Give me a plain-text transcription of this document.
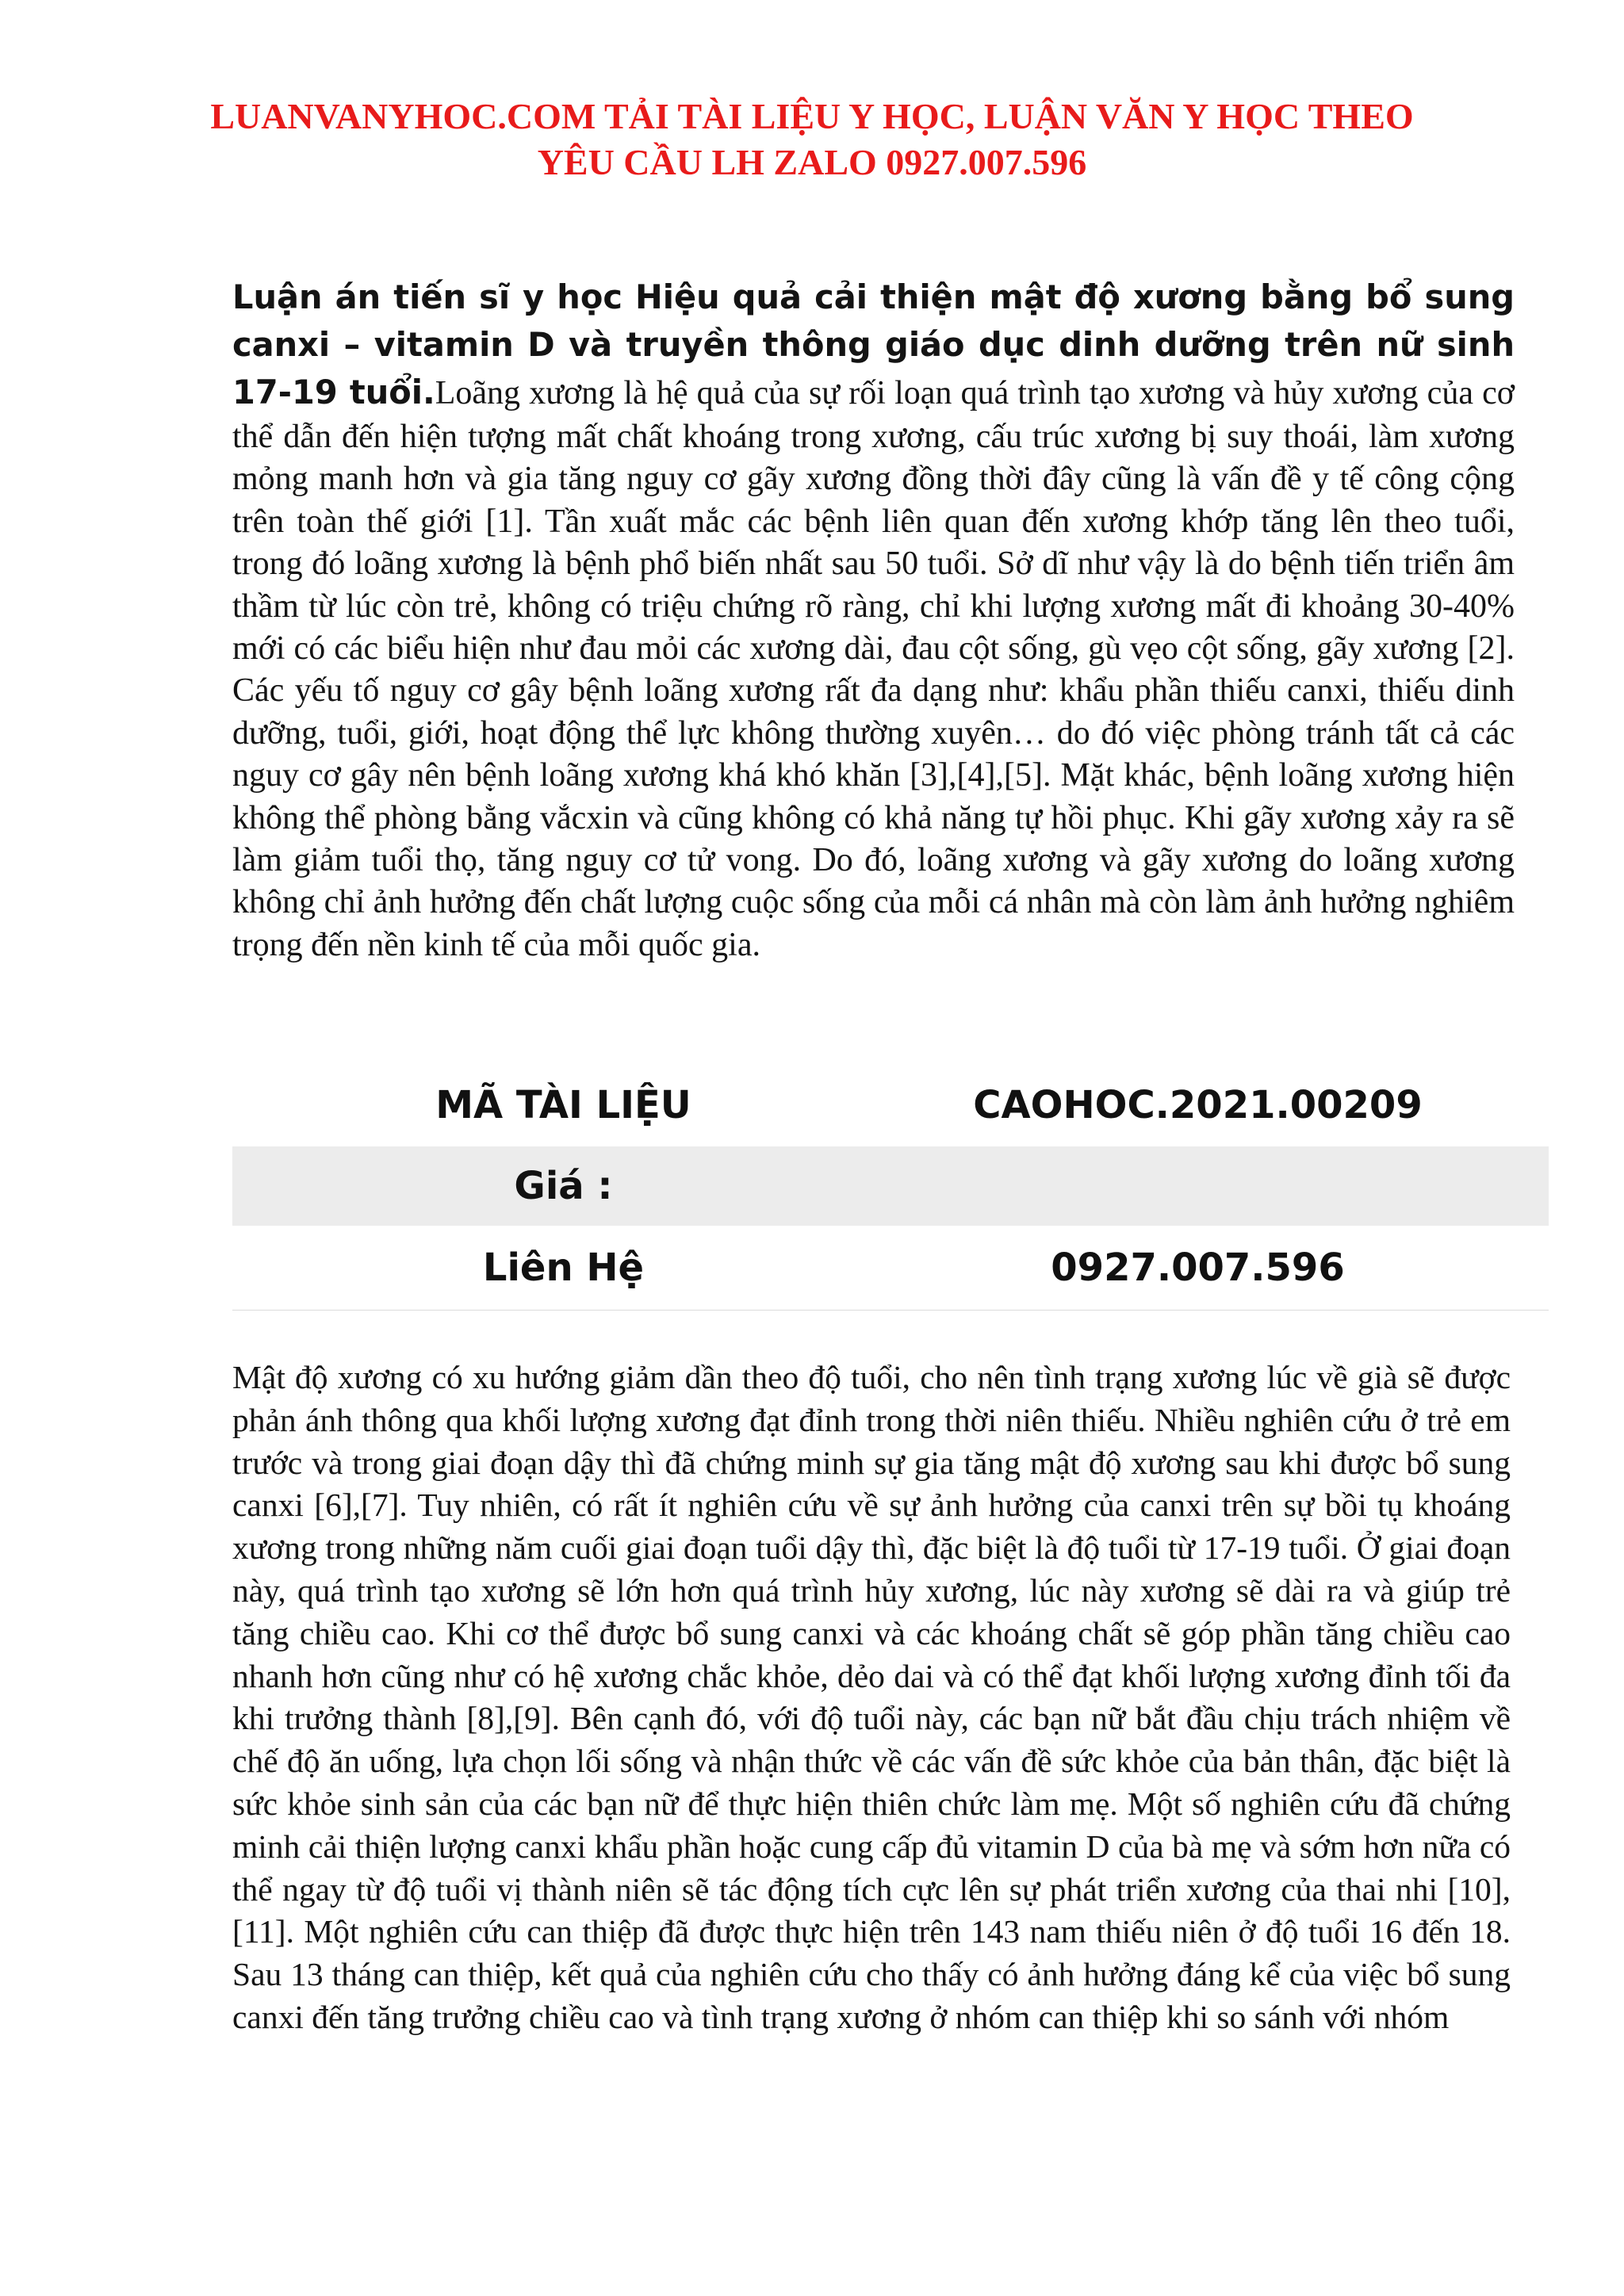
LUANVANYHOC.COM TẢI TÀI LIỆU Y HỌC, LUẬN VĂN Y HỌC THEO
YÊU CẦU LH ZALO 0927.007.596
Luận án tiến sĩ y học Hiệu quả cải thiện mật độ xương bằng bổ sung canxi – vitamin D và truyền thông giáo dục dinh dưỡng trên nữ sinh 17-19 tuổi.Loãng xương là hệ quả của sự rối loạn quá trình tạo xương và hủy xương của cơ thể dẫn đến hiện tượng mất chất khoáng trong xương, cấu trúc xương bị suy thoái, làm xương mỏng manh hơn và gia tăng nguy cơ gãy xương đồng thời đây cũng là vấn đề y tế công cộng trên toàn thế giới [1]. Tần xuất mắc các bệnh liên quan đến xương khớp tăng lên theo tuổi, trong đó loãng xương là bệnh phổ biến nhất sau 50 tuổi. Sở dĩ như vậy là do bệnh tiến triển âm thầm từ lúc còn trẻ, không có triệu chứng rõ ràng, chỉ khi lượng xương mất đi khoảng 30-40% mới có các biểu hiện như đau mỏi các xương dài, đau cột sống, gù vẹo cột sống, gãy xương [2]. Các yếu tố nguy cơ gây bệnh loãng xương rất đa dạng như: khẩu phần thiếu canxi, thiếu dinh dưỡng, tuổi, giới, hoạt động thể lực không thường xuyên… do đó việc phòng tránh tất cả các nguy cơ gây nên bệnh loãng xương khá khó khăn [3],[4],[5]. Mặt khác, bệnh loãng xương hiện không thể phòng bằng vắcxin và cũng không có khả năng tự hồi phục. Khi gãy xương xảy ra sẽ làm giảm tuổi thọ, tăng nguy cơ tử vong. Do đó, loãng xương và gãy xương do loãng xương không chỉ ảnh hưởng đến chất lượng cuộc sống của mỗi cá nhân mà còn làm ảnh hưởng nghiêm trọng đến nền kinh tế của mỗi quốc gia.
MÃ TÀI LIỆU	CAOHOC.2021.00209
Giá :	
Liên Hệ	0927.007.596
Mật độ xương có xu hướng giảm dần theo độ tuổi, cho nên tình trạng xương lúc về già sẽ được phản ánh thông qua khối lượng xương đạt đỉnh trong thời niên thiếu. Nhiều nghiên cứu ở trẻ em trước và trong giai đoạn dậy thì đã chứng minh sự gia tăng mật độ xương sau khi được bổ sung canxi [6],[7]. Tuy nhiên, có rất ít nghiên cứu về sự ảnh hưởng của canxi trên sự bồi tụ khoáng xương trong những năm cuối giai đoạn tuổi dậy thì, đặc biệt là độ tuổi từ 17-19 tuổi. Ở giai đoạn này, quá trình tạo xương sẽ lớn hơn quá trình hủy xương, lúc này xương sẽ dài ra và giúp trẻ tăng chiều cao. Khi cơ thể được bổ sung canxi và các khoáng chất sẽ góp phần tăng chiều cao nhanh hơn cũng như có hệ xương chắc khỏe, dẻo dai và có thể đạt khối lượng xương đỉnh tối đa khi trưởng thành [8],[9]. Bên cạnh đó, với độ tuổi này, các bạn nữ bắt đầu chịu trách nhiệm về chế độ ăn uống, lựa chọn lối sống và nhận thức về các vấn đề sức khỏe của bản thân, đặc biệt là sức khỏe sinh sản của các bạn nữ để thực hiện thiên chức làm mẹ. Một số nghiên cứu đã chứng minh cải thiện lượng canxi khẩu phần hoặc cung cấp đủ vitamin D của bà mẹ và sớm hơn nữa có thể ngay từ độ tuổi vị thành niên sẽ tác động tích cực lên sự phát triển xương của thai nhi [10],[11]. Một nghiên cứu can thiệp đã được thực hiện trên 143 nam thiếu niên ở độ tuổi 16 đến 18. Sau 13 tháng can thiệp, kết quả của nghiên cứu cho thấy có ảnh hưởng đáng kể của việc bổ sung canxi đến tăng trưởng chiều cao và tình trạng xương ở nhóm can thiệp khi so sánh với nhóm
